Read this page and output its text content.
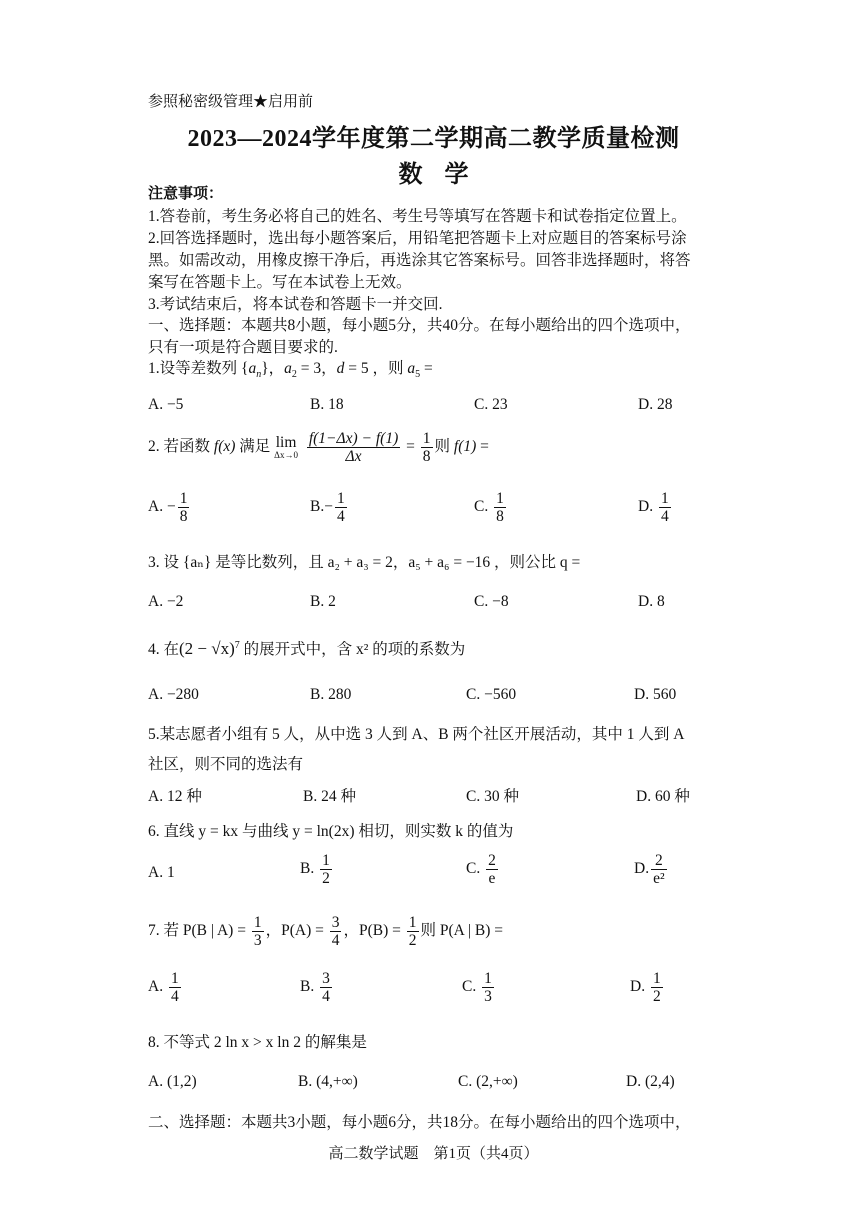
参照秘密级管理★启用前
2023—2024学年度第二学期高二教学质量检测
数学
注意事项：
1.答卷前，考生务必将自己的姓名、考生号等填写在答题卡和试卷指定位置上。
2.回答选择题时，选出每小题答案后，用铅笔把答题卡上对应题目的答案标号涂
黑。如需改动，用橡皮擦干净后，再选涂其它答案标号。回答非选择题时，将答
案写在答题卡上。写在本试卷上无效。
3.考试结束后，将本试卷和答题卡一并交回.
一、选择题：本题共8小题，每小题5分，共40分。在每小题给出的四个选项中，
只有一项是符合题目要求的.
1.设等差数列 $\{a_n\}$，$a_2 = 3$，d = 5 ，则 $a_5$ =
A. −5	B. 18	C. 23	D. 28
2. 若函数 f(x) 满足 lim
Δx→0
$\frac{f(1-\Delta x) - f(1)}{\Delta x} = \frac{1}{8}$ 则 f(1) =
A. − $\frac{1}{8}$	$B.- \frac{1}{4}$	C. $\frac{1}{8}$	D. $\frac{1}{4}$
3. 设 {aₙ} 是等比数列，且 a₂ + a₃ = 2，a₅ + a₆ = −16 ，则公比 q =
A. −2	B. 2	C. −8	D. 8
4. 在$(2 - √x)^7$ 的展开式中，含 x² 的项的系数为
A. −280	B. 280	C. −560	D. 560
5.某志愿者小组有 5 人，从中选 3 人到 A、B 两个社区开展活动，其中 1 人到 A
社区，则不同的选法有
A. 12 种	B. 24 种	C. 30 种	D. 60 种
6. 直线 y = kx 与曲线 y = ln(2x) 相切，则实数 k 的值为
A. 1	B. $\frac{1}{2}$	C. $\frac{2}{e}$	D. $\frac{2}{\text{e²}}$
7. 若 P(B | $A) = \frac{1}{3}$ ，$P(A) = \frac{3}{4}$ ，$P(B) = \frac{1}{2}$ 则 P(A | B) =
A. $\frac{1}{4}$	B. $\frac{3}{4}$	C. $\frac{1}{3}$	D. $\frac{1}{2}$
8. 不等式 2 ln x > x ln 2 的解集是
A. (1,2)	B. (4,+∞)	C. (2,+∞)	D. (2,4)
二、选择题：本题共3小题，每小题6分，共18分。在每小题给出的四个选项中，
高二数学试题    第1页（共4页）
